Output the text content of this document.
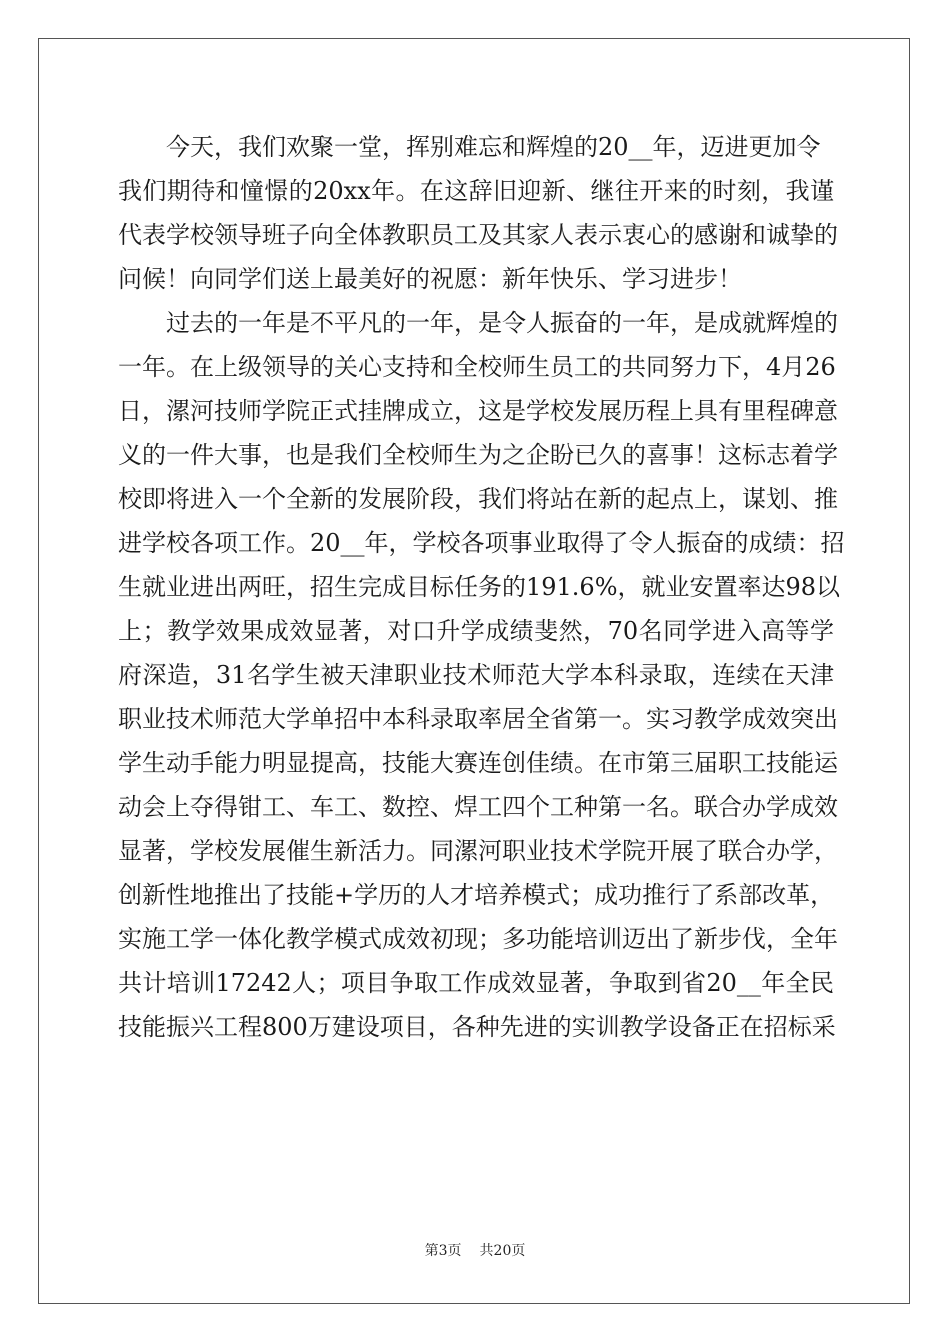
今天，我们欢聚一堂，挥别难忘和辉煌的20__年，迈进更加令
我们期待和憧憬的20xx年。在这辞旧迎新、继往开来的时刻，我谨
代表学校领导班子向全体教职员工及其家人表示衷心的感谢和诚挚的
问候！向同学们送上最美好的祝愿：新年快乐、学习进步！
过去的一年是不平凡的一年，是令人振奋的一年，是成就辉煌的
一年。在上级领导的关心支持和全校师生员工的共同努力下，4月26
日，漯河技师学院正式挂牌成立，这是学校发展历程上具有里程碑意
义的一件大事，也是我们全校师生为之企盼已久的喜事！这标志着学
校即将进入一个全新的发展阶段，我们将站在新的起点上，谋划、推
进学校各项工作。20__年，学校各项事业取得了令人振奋的成绩：招
生就业进出两旺，招生完成目标任务的191.6%，就业安置率达98以
上；教学效果成效显著，对口升学成绩斐然，70名同学进入高等学
府深造，31名学生被天津职业技术师范大学本科录取，连续在天津
职业技术师范大学单招中本科录取率居全省第一。实习教学成效突出
学生动手能力明显提高，技能大赛连创佳绩。在市第三届职工技能运
动会上夺得钳工、车工、数控、焊工四个工种第一名。联合办学成效
显著，学校发展催生新活力。同漯河职业技术学院开展了联合办学，
创新性地推出了技能+学历的人才培养模式；成功推行了系部改革，
实施工学一体化教学模式成效初现；多功能培训迈出了新步伐，全年
共计培训17242人；项目争取工作成效显著，争取到省20__年全民
技能振兴工程800万建设项目，各种先进的实训教学设备正在招标采
第3页 共20页
